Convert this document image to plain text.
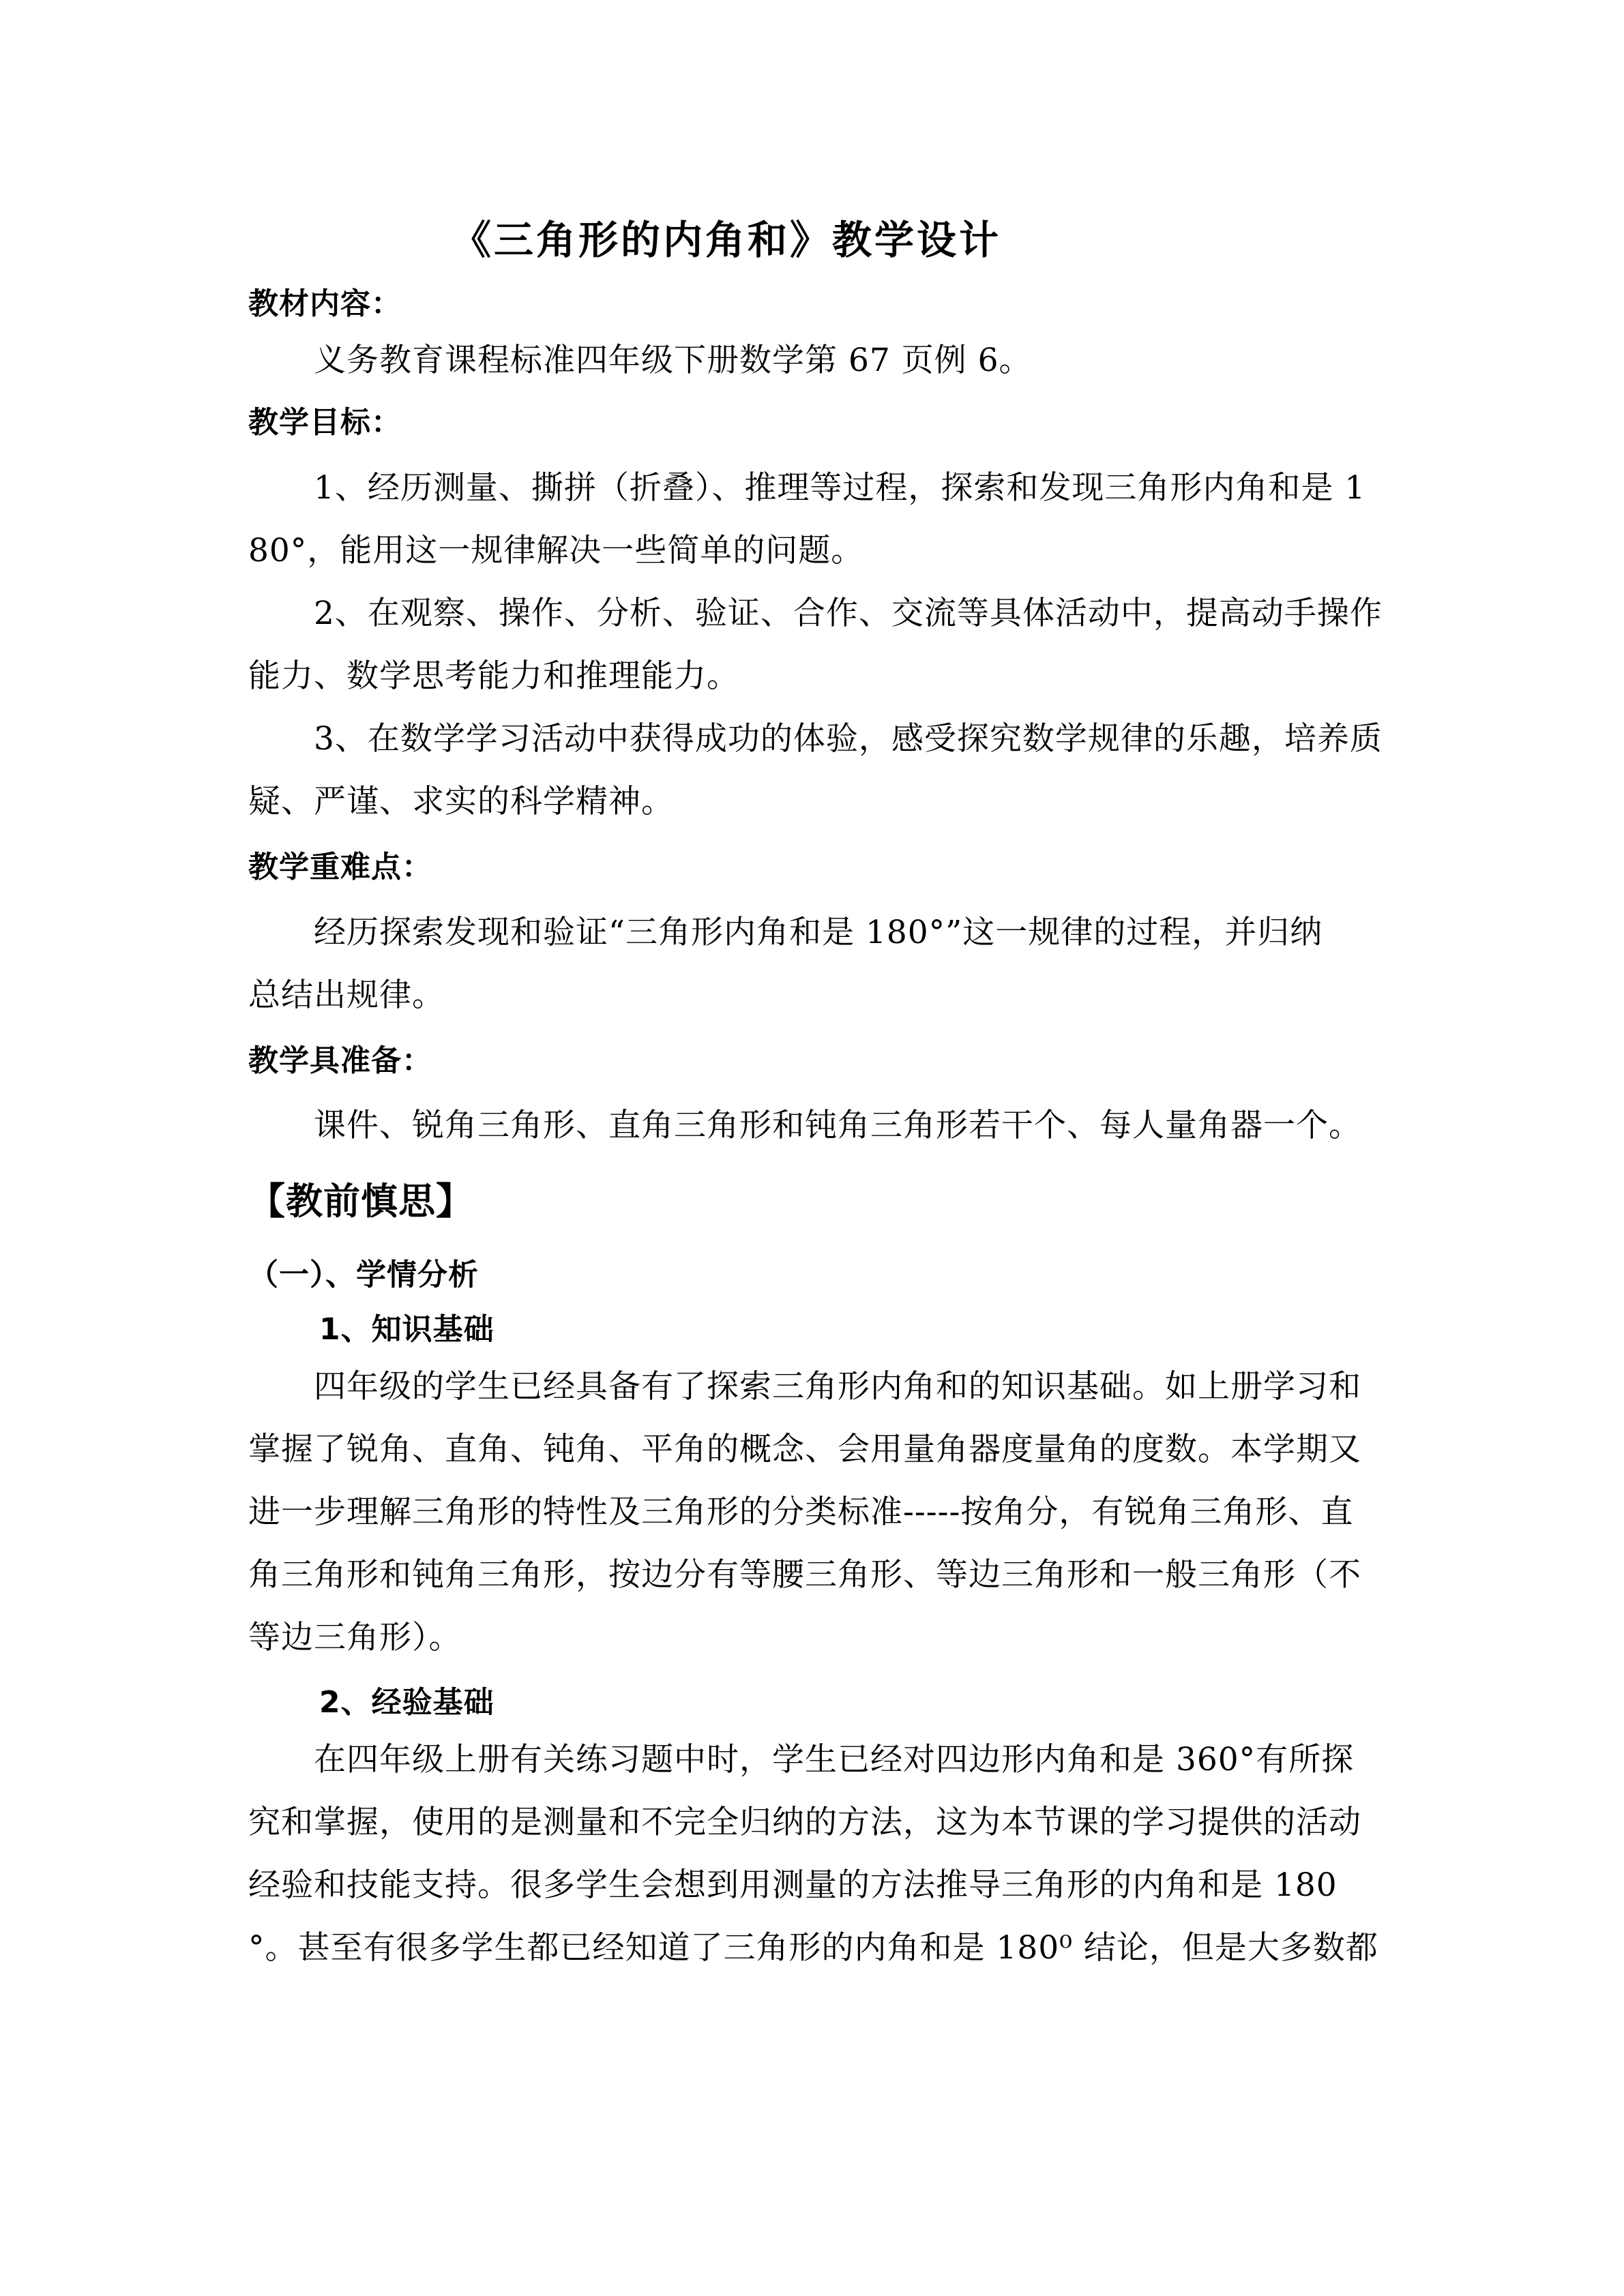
《三角形的内角和》教学设计
教材内容：
义务教育课程标准四年级下册数学第 67 页例 6。
教学目标：
1、经历测量、撕拼（折叠）、推理等过程，探索和发现三角形内角和是 1
80°，能用这一规律解决一些简单的问题。
2、在观察、操作、分析、验证、合作、交流等具体活动中，提高动手操作
能力、数学思考能力和推理能力。
3、在数学学习活动中获得成功的体验，感受探究数学规律的乐趣，培养质
疑、严谨、求实的科学精神。
教学重难点：
经历探索发现和验证“三角形内角和是 180°”这一规律的过程，并归纳
总结出规律。
教学具准备：
课件、锐角三角形、直角三角形和钝角三角形若干个、每人量角器一个。
【教前慎思】
（一）、学情分析
1、知识基础
四年级的学生已经具备有了探索三角形内角和的知识基础。如上册学习和
掌握了锐角、直角、钝角、平角的概念、会用量角器度量角的度数。本学期又
进一步理解三角形的特性及三角形的分类标准-----按角分，有锐角三角形、直
角三角形和钝角三角形，按边分有等腰三角形、等边三角形和一般三角形（不
等边三角形）。
2、经验基础
在四年级上册有关练习题中时，学生已经对四边形内角和是 360°有所探
究和掌握，使用的是测量和不完全归纳的方法，这为本节课的学习提供的活动
经验和技能支持。很多学生会想到用测量的方法推导三角形的内角和是 180
°。甚至有很多学生都已经知道了三角形的内角和是 180⁰ 结论，但是大多数都
